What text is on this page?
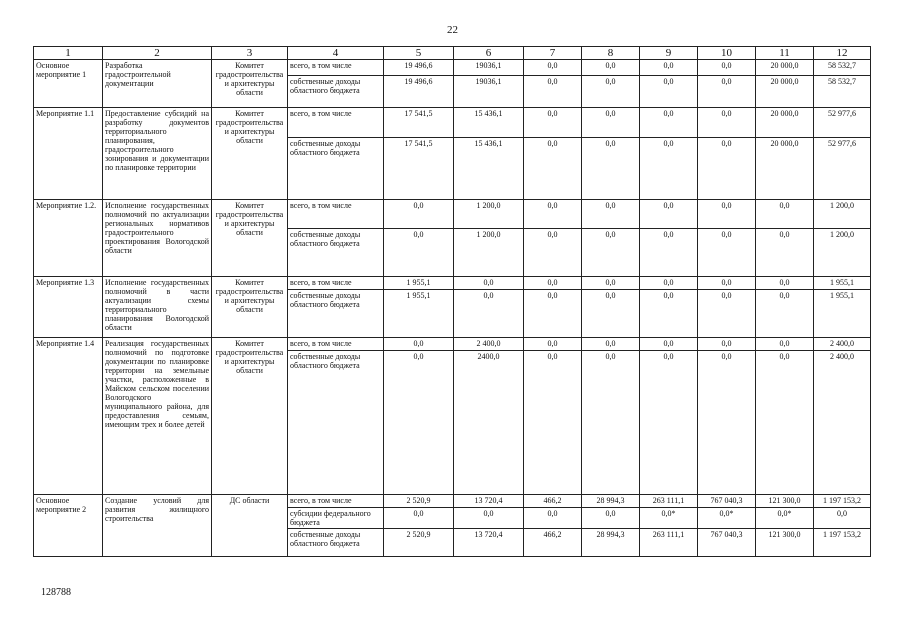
22
1	2	3	4	5	6	7	8	9	10	11	12
Основное мероприятие 1	Разработка градостроительной документации	Комитет градостроительства и архитектуры области	всего, в том числе	19 496,6	19036,1	0,0	0,0	0,0	0,0	20 000,0	58 532,7
			собственные доходы областного бюджета	19 496,6	19036,1	0,0	0,0	0,0	0,0	20 000,0	58 532,7
Мероприятие 1.1	Предоставление субсидий на разработку документов территориального планирования, градостроительного зонирования и документации по планировке территории	Комитет градостроительства и архитектуры области	всего, в том числе	17 541,5	15 436,1	0,0	0,0	0,0	0,0	20 000,0	52 977,6
			собственные доходы областного бюджета	17 541,5	15 436,1	0,0	0,0	0,0	0,0	20 000,0	52 977,6
Мероприятие 1.2.	Исполнение государственных полномочий по актуализации региональных нормативов градостроительного проектирования Вологодской области	Комитет градостроительства и архитектуры области	всего, в том числе	0,0	1 200,0	0,0	0,0	0,0	0,0	0,0	1 200,0
			собственные доходы областного бюджета	0,0	1 200,0	0,0	0,0	0,0	0,0	0,0	1 200,0
Мероприятие 1.3	Исполнение государственных полномочий в части актуализации схемы территориального планирования Вологодской области	Комитет градостроительства и архитектуры области	всего, в том числе	1 955,1	0,0	0,0	0,0	0,0	0,0	0,0	1 955,1
			собственные доходы областного бюджета	1 955,1	0,0	0,0	0,0	0,0	0,0	0,0	1 955,1
Мероприятие 1.4	Реализация государственных полномочий по подготовке документации по планировке территории на земельные участки, расположенные в Майском сельском поселении Вологодского муниципального района, для предоставления семьям, имеющим трех и более детей	Комитет градостроительства и архитектуры области	всего, в том числе	0,0	2 400,0	0,0	0,0	0,0	0,0	0,0	2 400,0
			собственные доходы областного бюджета	0,0	2400,0	0,0	0,0	0,0	0,0	0,0	2 400,0
Основное мероприятие 2	Создание условий для развития жилищного строительства	ДС области	всего, в том числе	2 520,9	13 720,4	466,2	28 994,3	263 111,1	767 040,3	121 300,0	1 197 153,2
			субсидии федерального бюджета	0,0	0,0	0,0	0,0	0,0*	0,0*	0,0*	0,0
			собственные доходы областного бюджета	2 520,9	13 720,4	466,2	28 994,3	263 111,1	767 040,3	121 300,0	1 197 153,2
128788
